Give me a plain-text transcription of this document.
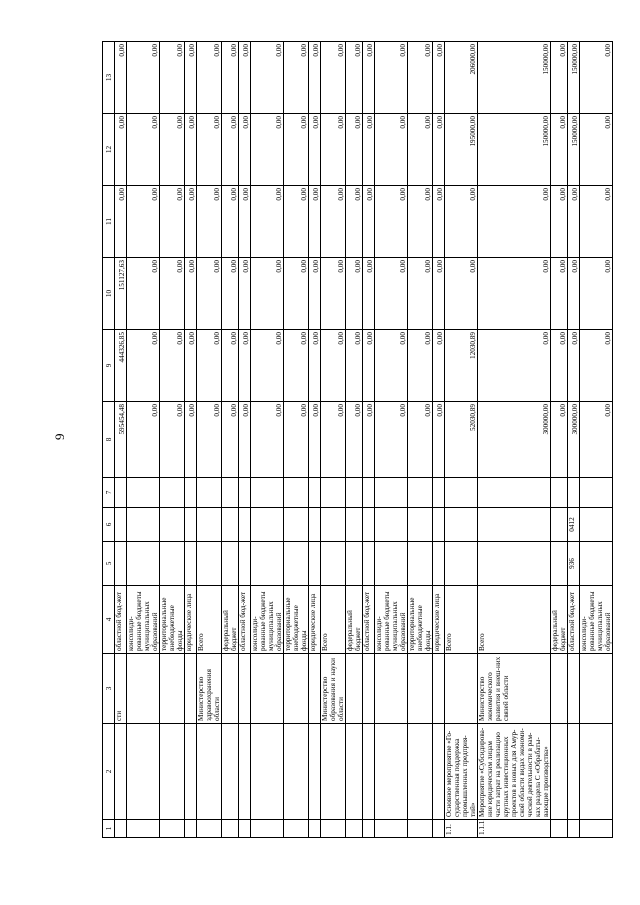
9
1	2	3	4	5	6	7	8	9	10	11	12	13
		сти	областной бюд-жет				595454,48	444326,85	151127,63	0,00	0,00	0,00
			консолиди-рованные бюджеты муниципальных образований				0,00	0,00	0,00	0,00	0,00	0,00
			территориальные внебюджетные фонды				0,00	0,00	0,00	0,00	0,00	0,00
			юридические лица				0,00	0,00	0,00	0,00	0,00	0,00
		Министерство здравоохранения области	Всего				0,00	0,00	0,00	0,00	0,00	0,00
			федеральный бюджет				0,00	0,00	0,00	0,00	0,00	0,00
			областной бюд-жет				0,00	0,00	0,00	0,00	0,00	0,00
			консолиди-рованные бюджеты муниципальных образований				0,00	0,00	0,00	0,00	0,00	0,00
			территориальные внебюджетные фонды				0,00	0,00	0,00	0,00	0,00	0,00
			юридические лица				0,00	0,00	0,00	0,00	0,00	0,00
		Министерство образования и науки области	Всего				0,00	0,00	0,00	0,00	0,00	0,00
			федеральный бюджет				0,00	0,00	0,00	0,00	0,00	0,00
			областной бюд-жет				0,00	0,00	0,00	0,00	0,00	0,00
			консолиди-рованные бюджеты муниципальных образований				0,00	0,00	0,00	0,00	0,00	0,00
			территориальные внебюджетные фонды				0,00	0,00	0,00	0,00	0,00	0,00
			юридические лица				0,00	0,00	0,00	0,00	0,00	0,00
1.1.	Основное мероприятие «Го-сударственная поддержка промышленных предприя-тий»		Всего				52030,89	12030,89	0,00	0,00	195000,00	206000,00
1.1.1.	Мероприятие «Субсидирова-ние юридическим лицам части затрат на реализацию крупных инвестиционных проектов в новых для Амур-ской области видах экономи-ческой деятельности в рам-ках раздела С «Обрабаты-вающие производства»	Министерство экономического развития и внеш-них связей области	Всего				300000,00	0,00	0,00	0,00	150000,00	150000,00
			федеральный бюджет				0,00	0,00	0,00	0,00	0,00	0,00
			областной бюд-жет	936	0412		300000,00	0,00	0,00	0,00	150000,00	150000,00
			консолиди-рованные бюджеты муниципальных образований				0,00	0,00	0,00	0,00	0,00	0,00
